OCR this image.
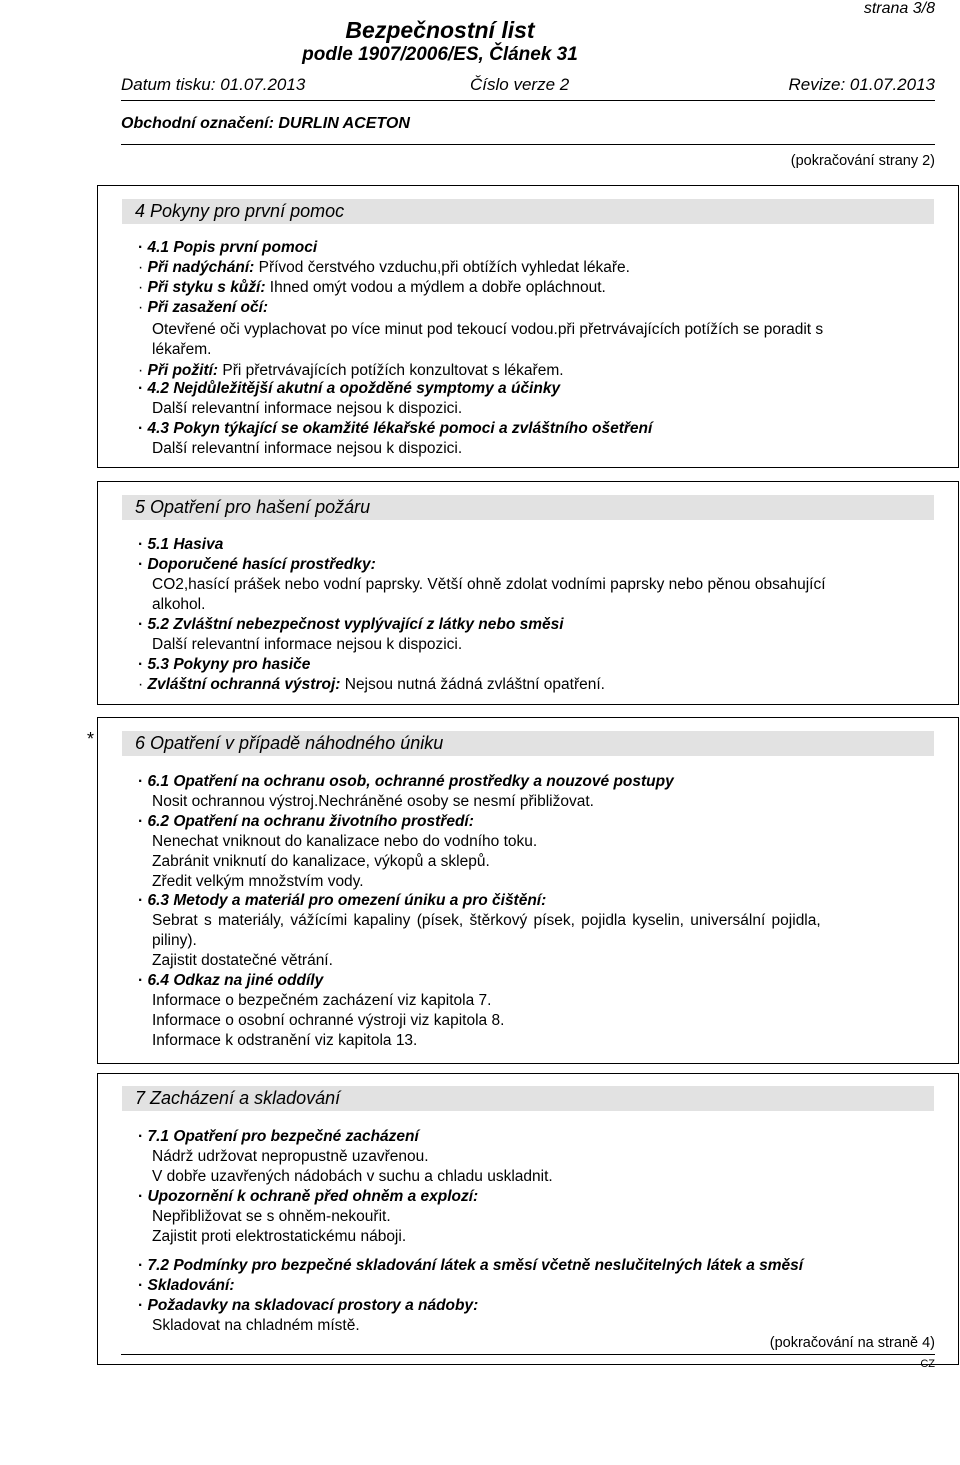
strana 3/8
Bezpečnostní list
podle 1907/2006/ES, Článek 31
Datum tisku: 01.07.2013	Číslo verze 2	Revize: 01.07.2013
Obchodní označení: DURLIN ACETON
(pokračování strany 2)
4 Pokyny pro první pomoc
· 4.1 Popis první pomoci
· Při nadýchání: Přívod čerstvého vzduchu,při obtížích vyhledat lékaře.
· Při styku s kůží: Ihned omýt vodou a mýdlem a dobře opláchnout.
· Při zasažení očí:
Otevřené oči vyplachovat po více minut pod tekoucí vodou.při přetrvávajících potížích se poradit s
lékařem.
· Při požití: Při přetrvávajících potížích konzultovat s lékařem.
· 4.2 Nejdůležitější akutní a opožděné symptomy a účinky
Další relevantní informace nejsou k dispozici.
· 4.3 Pokyn týkající se okamžité lékařské pomoci a zvláštního ošetření
Další relevantní informace nejsou k dispozici.
5 Opatření pro hašení požáru
· 5.1 Hasiva
· Doporučené hasící prostředky:
CO2,hasící prášek nebo vodní paprsky. Větší ohně zdolat vodními paprsky nebo pěnou obsahující
alkohol.
· 5.2 Zvláštní nebezpečnost vyplývající z látky nebo směsi
Další relevantní informace nejsou k dispozici.
· 5.3 Pokyny pro hasiče
· Zvláštní ochranná výstroj: Nejsou nutná žádná zvláštní opatření.
*	6 Opatření v případě náhodného úniku
· 6.1 Opatření na ochranu osob, ochranné prostředky a nouzové postupy
Nosit ochrannou výstroj.Nechráněné osoby se nesmí přibližovat.
· 6.2 Opatření na ochranu životního prostředí:
Nenechat vniknout do kanalizace nebo do vodního toku.
Zabránit vniknutí do kanalizace, výkopů a sklepů.
Zředit velkým množstvím vody.
· 6.3 Metody a materiál pro omezení úniku a pro čištění:
Sebrat s materiály, vážícími kapaliny (písek, štěrkový písek, pojidla kyselin, universální pojidla,
piliny).
Zajistit dostatečné větrání.
· 6.4 Odkaz na jiné oddíly
Informace o bezpečném zacházení viz kapitola 7.
Informace o osobní ochranné výstroji viz kapitola 8.
Informace k odstranění viz kapitola 13.
7 Zacházení a skladování
· 7.1 Opatření pro bezpečné zacházení
Nádrž udržovat nepropustně uzavřenou.
V dobře uzavřených nádobách v suchu a chladu uskladnit.
· Upozornění k ochraně před ohněm a explozí:
Nepřibližovat se s ohněm-nekouřit.
Zajistit proti elektrostatickému náboji.
· 7.2 Podmínky pro bezpečné skladování látek a směsí včetně neslučitelných látek a směsí
· Skladování:
· Požadavky na skladovací prostory a nádoby:
Skladovat na chladném místě.
(pokračování na straně 4)
CZ
